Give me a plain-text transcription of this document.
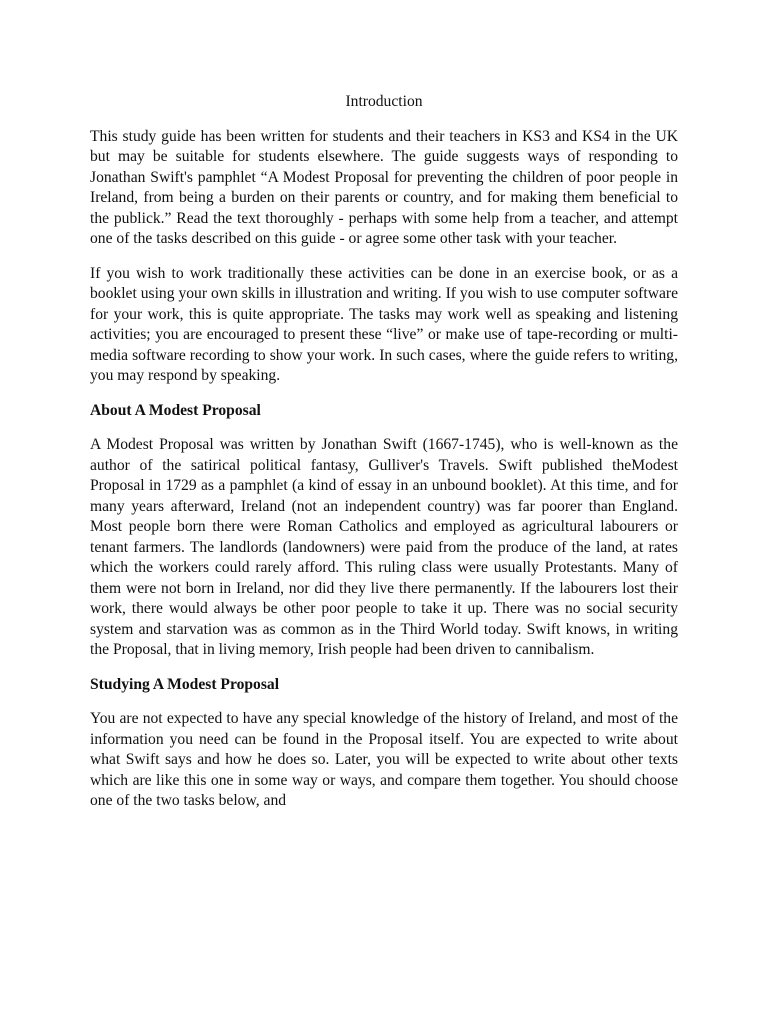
Introduction

This study guide has been written for students and their teachers in KS3 and KS4 in the UK but may be suitable for students elsewhere. The guide suggests ways of responding to Jonathan Swift's pamphlet “A Modest Proposal for preventing the children of poor people in Ireland, from being a burden on their parents or country, and for making them beneficial to the publick.” Read the text thoroughly - perhaps with some help from a teacher, and attempt one of the tasks described on this guide - or agree some other task with your teacher.

If you wish to work traditionally these activities can be done in an exercise book, or as a booklet using your own skills in illustration and writing. If you wish to use computer software for your work, this is quite appropriate. The tasks may work well as speaking and listening activities; you are encouraged to present these “live” or make use of tape-recording or multi-media software recording to show your work. In such cases, where the guide refers to writing, you may respond by speaking.

About A Modest Proposal

A Modest Proposal was written by Jonathan Swift (1667-1745), who is well-known as the author of the satirical political fantasy, Gulliver's Travels. Swift published theModest Proposal in 1729 as a pamphlet (a kind of essay in an unbound booklet). At this time, and for many years afterward, Ireland (not an independent country) was far poorer than England. Most people born there were Roman Catholics and employed as agricultural labourers or tenant farmers. The landlords (landowners) were paid from the produce of the land, at rates which the workers could rarely afford. This ruling class were usually Protestants. Many of them were not born in Ireland, nor did they live there permanently. If the labourers lost their work, there would always be other poor people to take it up. There was no social security system and starvation was as common as in the Third World today. Swift knows, in writing the Proposal, that in living memory, Irish people had been driven to cannibalism.

Studying A Modest Proposal

You are not expected to have any special knowledge of the history of Ireland, and most of the information you need can be found in the Proposal itself. You are expected to write about what Swift says and how he does so. Later, you will be expected to write about other texts which are like this one in some way or ways, and compare them together. You should choose one of the two tasks below, and
